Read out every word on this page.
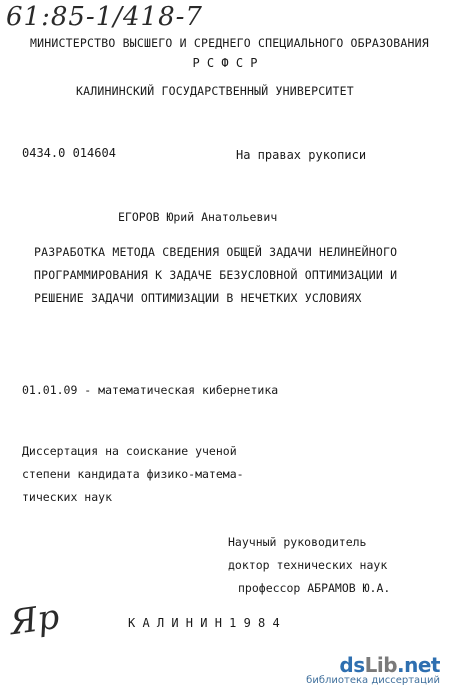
61:85-1/418-7
МИНИСТЕРСТВО ВЫСШЕГО И СРЕДНЕГО СПЕЦИАЛЬНОГО ОБРАЗОВАНИЯ
Р С Ф С Р
КАЛИНИНСКИЙ ГОСУДАРСТВЕННЫЙ УНИВЕРСИТЕТ
0434.0 014604	На правах рукописи
ЕГОРОВ Юрий Анатольевич
РАЗРАБОТКА МЕТОДА СВЕДЕНИЯ ОБЩЕЙ ЗАДАЧИ НЕЛИНЕЙНОГО
ПРОГРАММИРОВАНИЯ К ЗАДАЧЕ БЕЗУСЛОВНОЙ ОПТИМИЗАЦИИ И
РЕШЕНИЕ ЗАДАЧИ ОПТИМИЗАЦИИ В НЕЧЕТКИХ УСЛОВИЯХ
01.01.09 - математическая кибернетика
Диссертация на соискание ученой
степени кандидата физико-матема-
тических наук
Научный руководитель
доктор технических наук
профессор АБРАМОВ Ю.А.
Яр	К А Л И Н И Н 1 9 8 4
dsLib.net
библиотека диссертаций
